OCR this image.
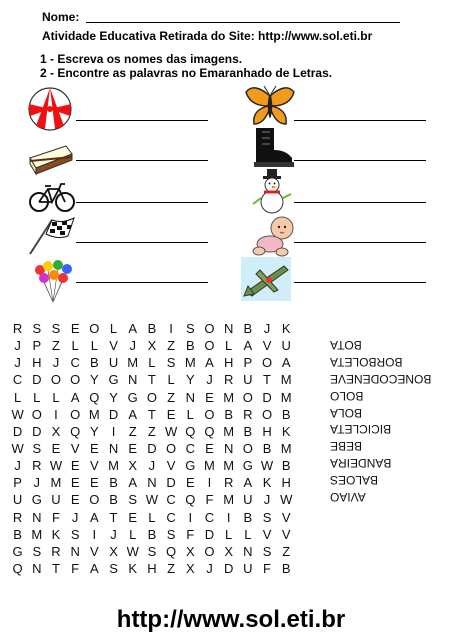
Nome:
Atividade Educativa Retirada do Site: http://www.sol.eti.br
1 - Escreva os nomes das imagens.
2 - Encontre as palavras no Emaranhado de Letras.
R S S E O L A B	I	S O N B J K
J P Z L L V J X Z B O L A V U
J H J C B U M L S M A H P O A
C D O O Y G N T L Y J R U T M
L L L A Q Y G O Z N E M O D M
W O I O M D A T E L O B R O B
D D X Q Y	I	Z Z W Q Q M B H K
W S E V E N E D O C E N O B M
J R W E V M X J V G M M G W B
P J M E E B A N D E	I R A K H
U G U E O B S W C Q F M U J W
R N F J A T E L C I C I	B S V
B M K S	I	J L B S F D L L V V
G S R N V X W S Q X O X N S Z
Q N T F A S K H Z X J D U F B
AVIAO
BALOES
BANDEIRA
BEBE
BICICLETA
BOLA
BOLO
BONECODENEVE
BORBOLETA
BOTA
http://www.sol.eti.br
